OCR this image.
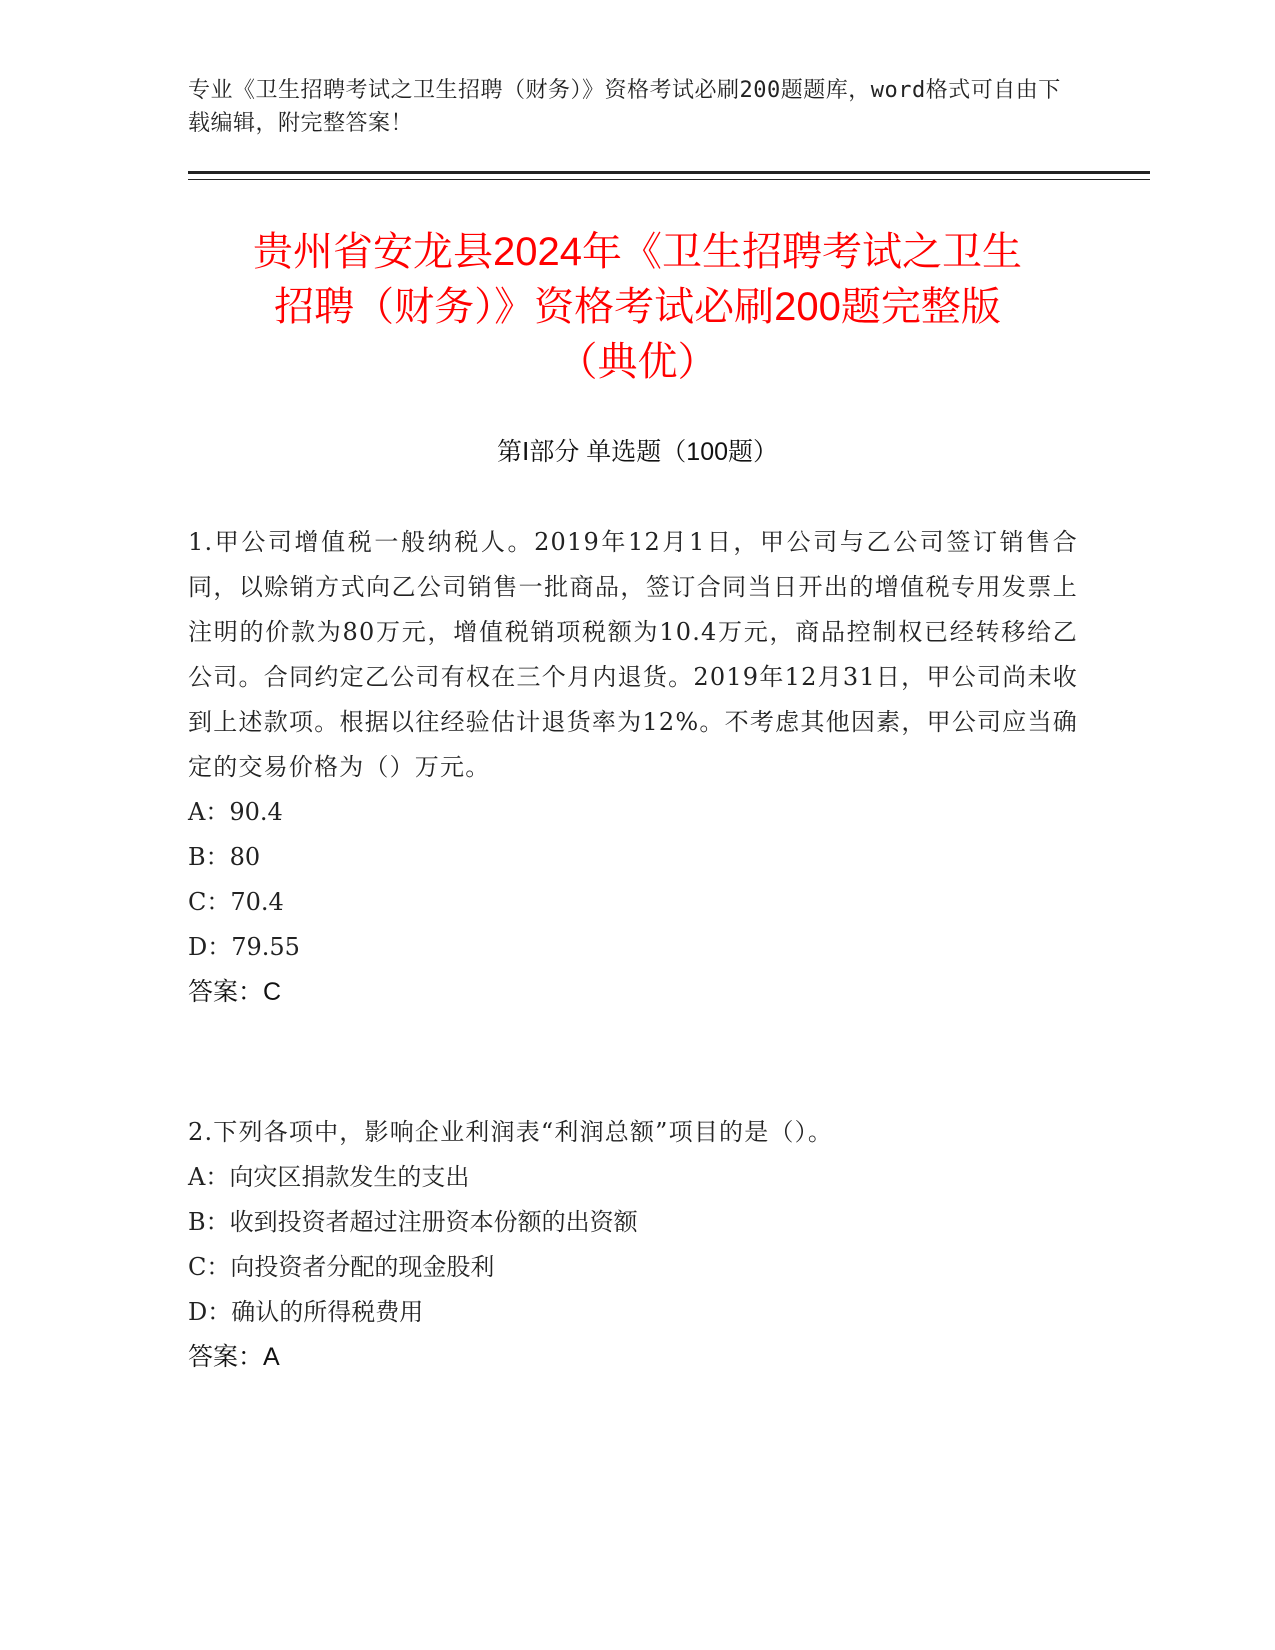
专业《卫生招聘考试之卫生招聘（财务）》资格考试必刷200题题库，word格式可自由下载编辑，附完整答案！
贵州省安龙县2024年《卫生招聘考试之卫生
招聘（财务）》资格考试必刷200题完整版
（典优）
第Ⅰ部分 单选题（100题）
1.甲公司增值税一般纳税人。2019年12月1日，甲公司与乙公司签订销售合同，以赊销方式向乙公司销售一批商品，签订合同当日开出的增值税专用发票上注明的价款为80万元，增值税销项税额为10.4万元，商品控制权已经转移给乙公司。合同约定乙公司有权在三个月内退货。2019年12月31日，甲公司尚未收到上述款项。根据以往经验估计退货率为12%。不考虑其他因素，甲公司应当确定的交易价格为（）万元。
A：90.4
B：80
C：70.4
D：79.55
答案：C
2.下列各项中，影响企业利润表“利润总额”项目的是（）。
A：向灾区捐款发生的支出
B：收到投资者超过注册资本份额的出资额
C：向投资者分配的现金股利
D：确认的所得税费用
答案：A
